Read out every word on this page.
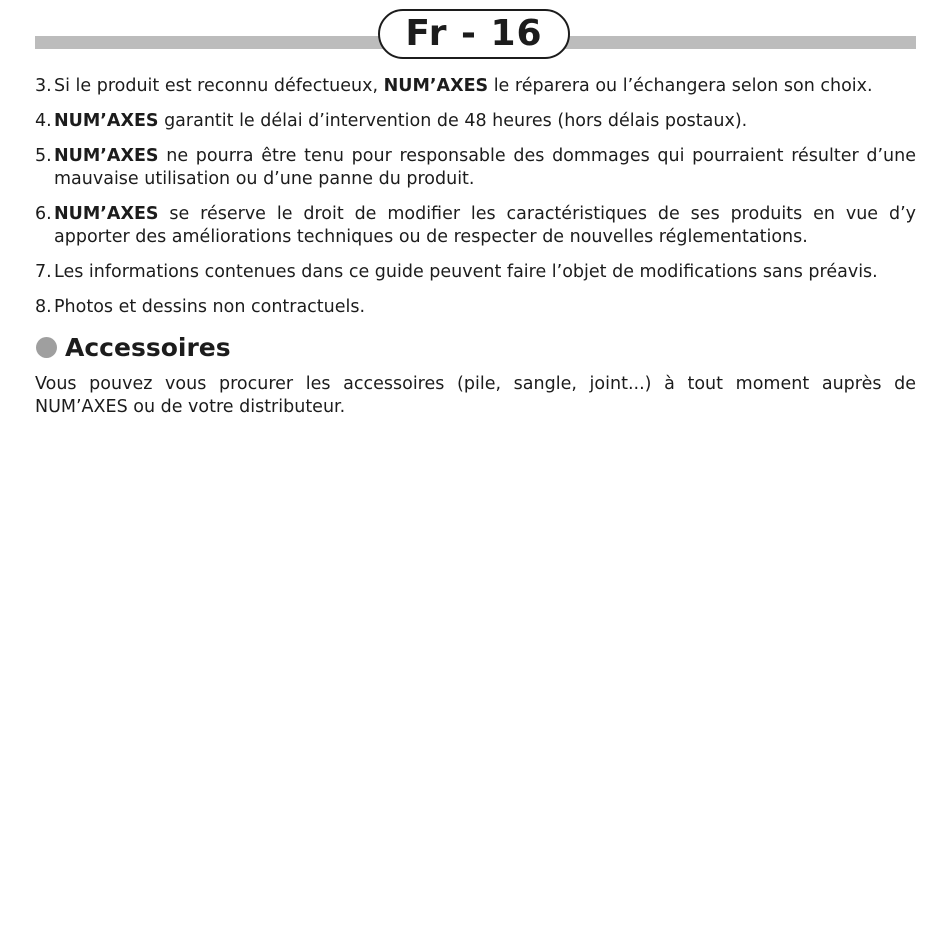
Fr - 16
3. Si le produit est reconnu défectueux, NUM’AXES le réparera ou l’échangera selon son choix.
4. NUM’AXES garantit le délai d’intervention de 48 heures (hors délais postaux).
5. NUM’AXES ne pourra être tenu pour responsable des dommages qui pourraient résulter d’une mauvaise utilisation ou d’une panne du produit.
6. NUM’AXES se réserve le droit de modifier les caractéristiques de ses produits en vue d’y apporter des améliorations techniques ou de respecter de nouvelles réglementations.
7. Les informations contenues dans ce guide peuvent faire l’objet de modifications sans préavis.
8. Photos et dessins non contractuels.
Accessoires
Vous pouvez vous procurer les accessoires (pile, sangle, joint...) à tout moment auprès de NUM’AXES ou de votre distributeur.
